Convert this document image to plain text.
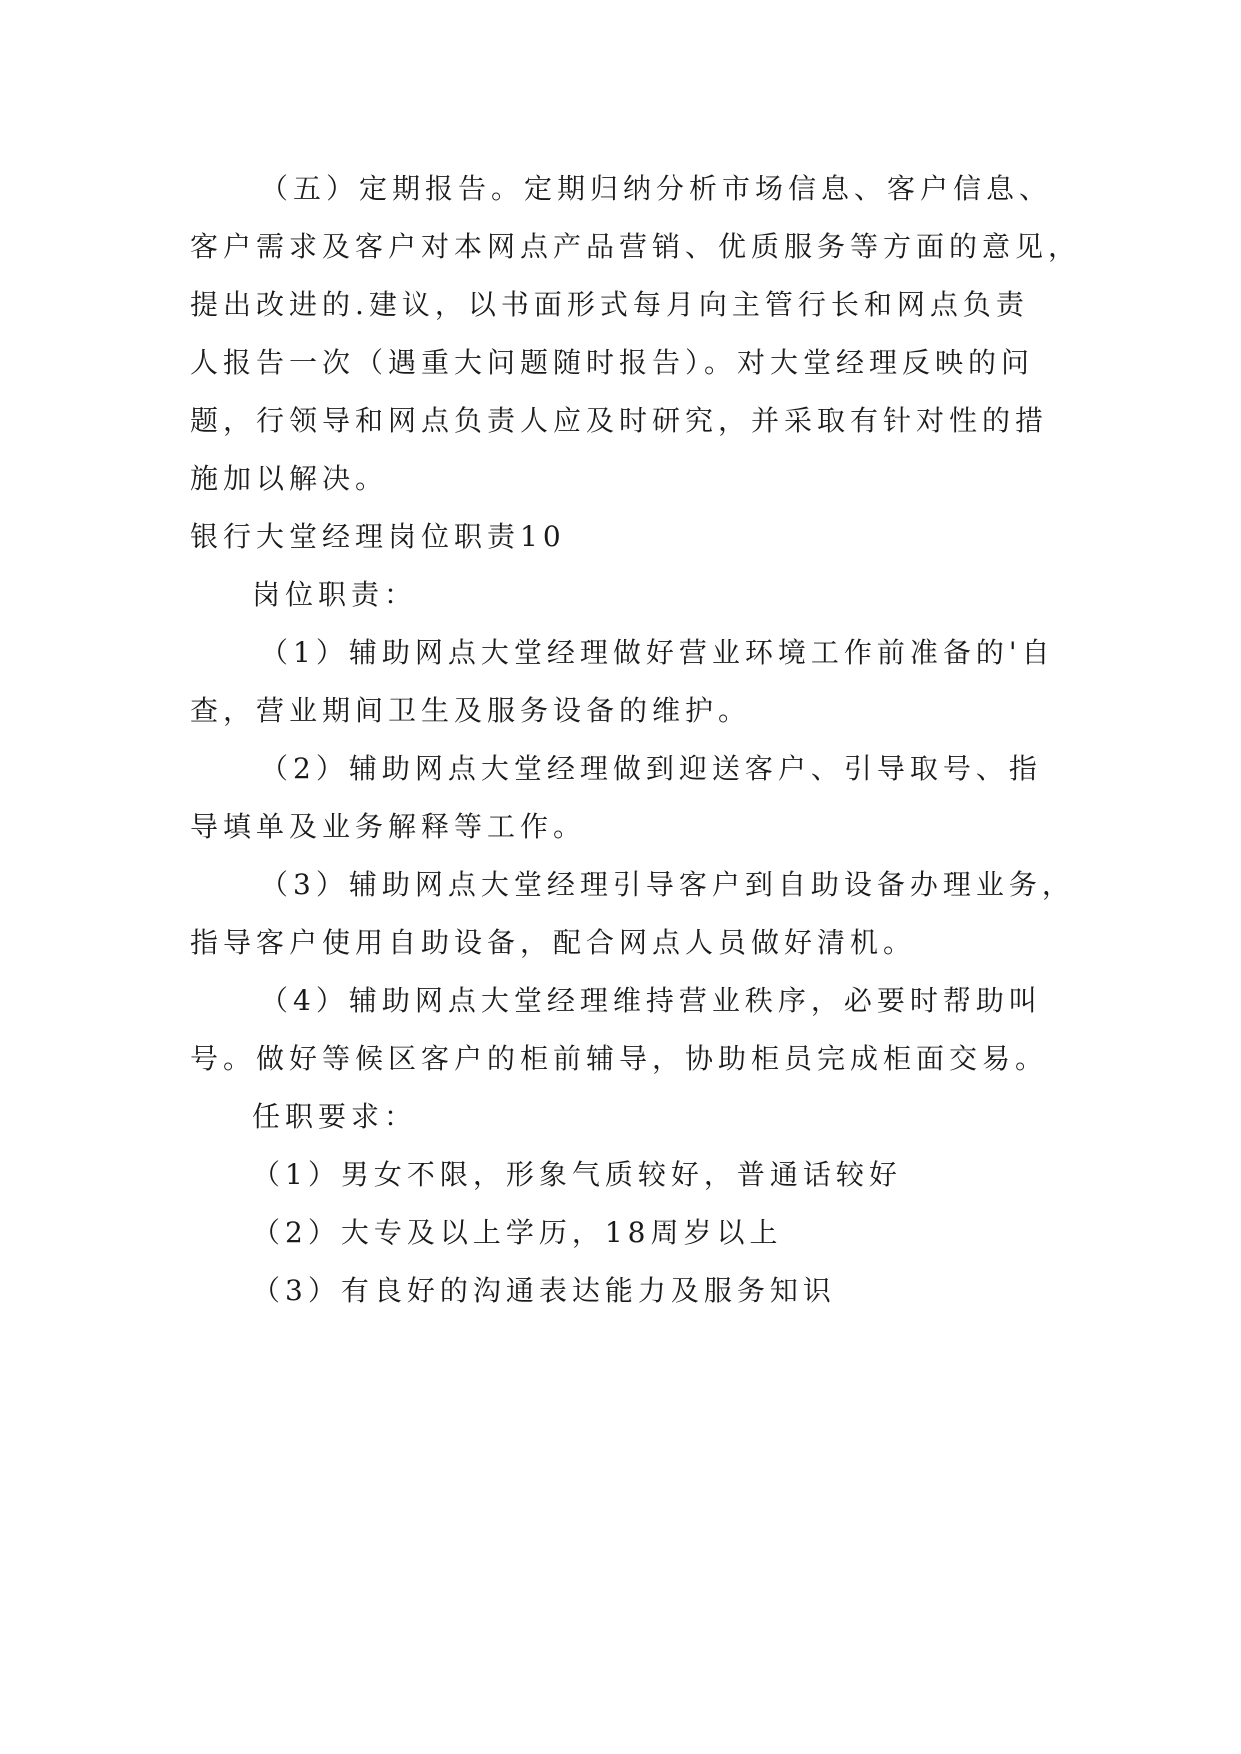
（五）定期报告。定期归纳分析市场信息、客户信息、
客户需求及客户对本网点产品营销、优质服务等方面的意见，
提出改进的.建议，以书面形式每月向主管行长和网点负责
人报告一次（遇重大问题随时报告）。对大堂经理反映的问
题，行领导和网点负责人应及时研究，并采取有针对性的措
施加以解决。
银行大堂经理岗位职责10
岗位职责：
（1）辅助网点大堂经理做好营业环境工作前准备的'自
查，营业期间卫生及服务设备的维护。
（2）辅助网点大堂经理做到迎送客户、引导取号、指
导填单及业务解释等工作。
（3）辅助网点大堂经理引导客户到自助设备办理业务，
指导客户使用自助设备，配合网点人员做好清机。
（4）辅助网点大堂经理维持营业秩序，必要时帮助叫
号。做好等候区客户的柜前辅导，协助柜员完成柜面交易。
任职要求：
（1）男女不限，形象气质较好，普通话较好
（2）大专及以上学历，18周岁以上
（3）有良好的沟通表达能力及服务知识
